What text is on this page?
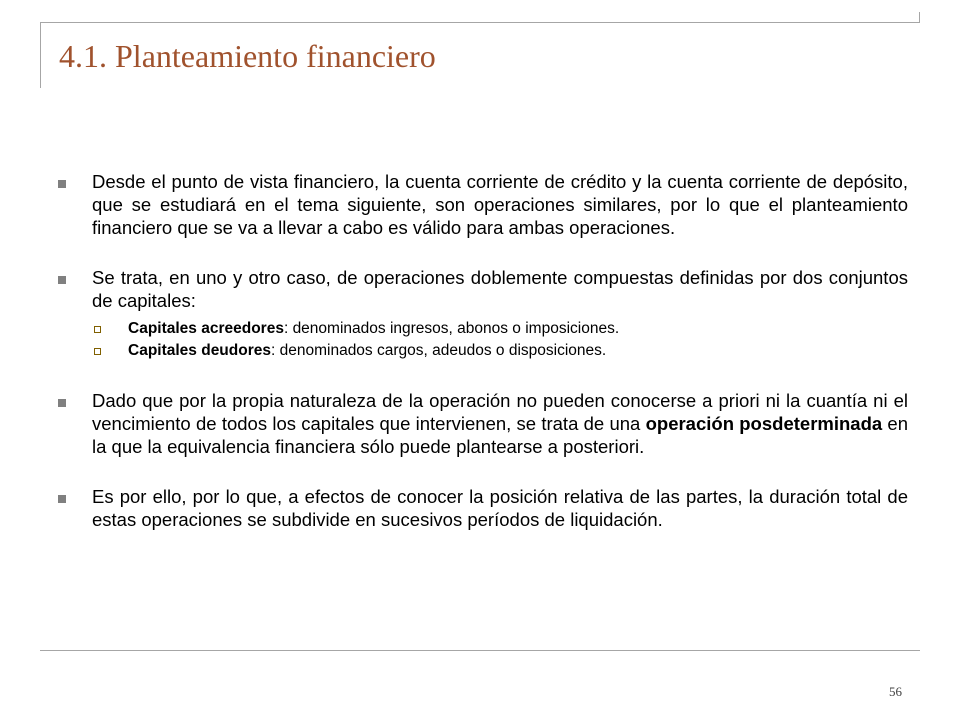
4.1. Planteamiento financiero
Desde el punto de vista financiero, la cuenta corriente de crédito y la cuenta corriente de depósito, que se estudiará en el tema siguiente, son operaciones similares, por lo que el planteamiento financiero que se va a llevar a cabo es válido para ambas operaciones.
Se trata, en uno y otro caso, de operaciones doblemente compuestas definidas por dos conjuntos de capitales:
Capitales acreedores: denominados ingresos, abonos o imposiciones.
Capitales deudores: denominados cargos, adeudos o disposiciones.
Dado que por la propia naturaleza de la operación no pueden conocerse a priori ni la cuantía ni el vencimiento de todos los capitales que intervienen, se trata de una operación posdeterminada en la que la equivalencia financiera sólo puede plantearse a posteriori.
Es por ello, por lo que, a efectos de conocer la posición relativa de las partes, la duración total de estas operaciones se subdivide en sucesivos períodos de liquidación.
56
